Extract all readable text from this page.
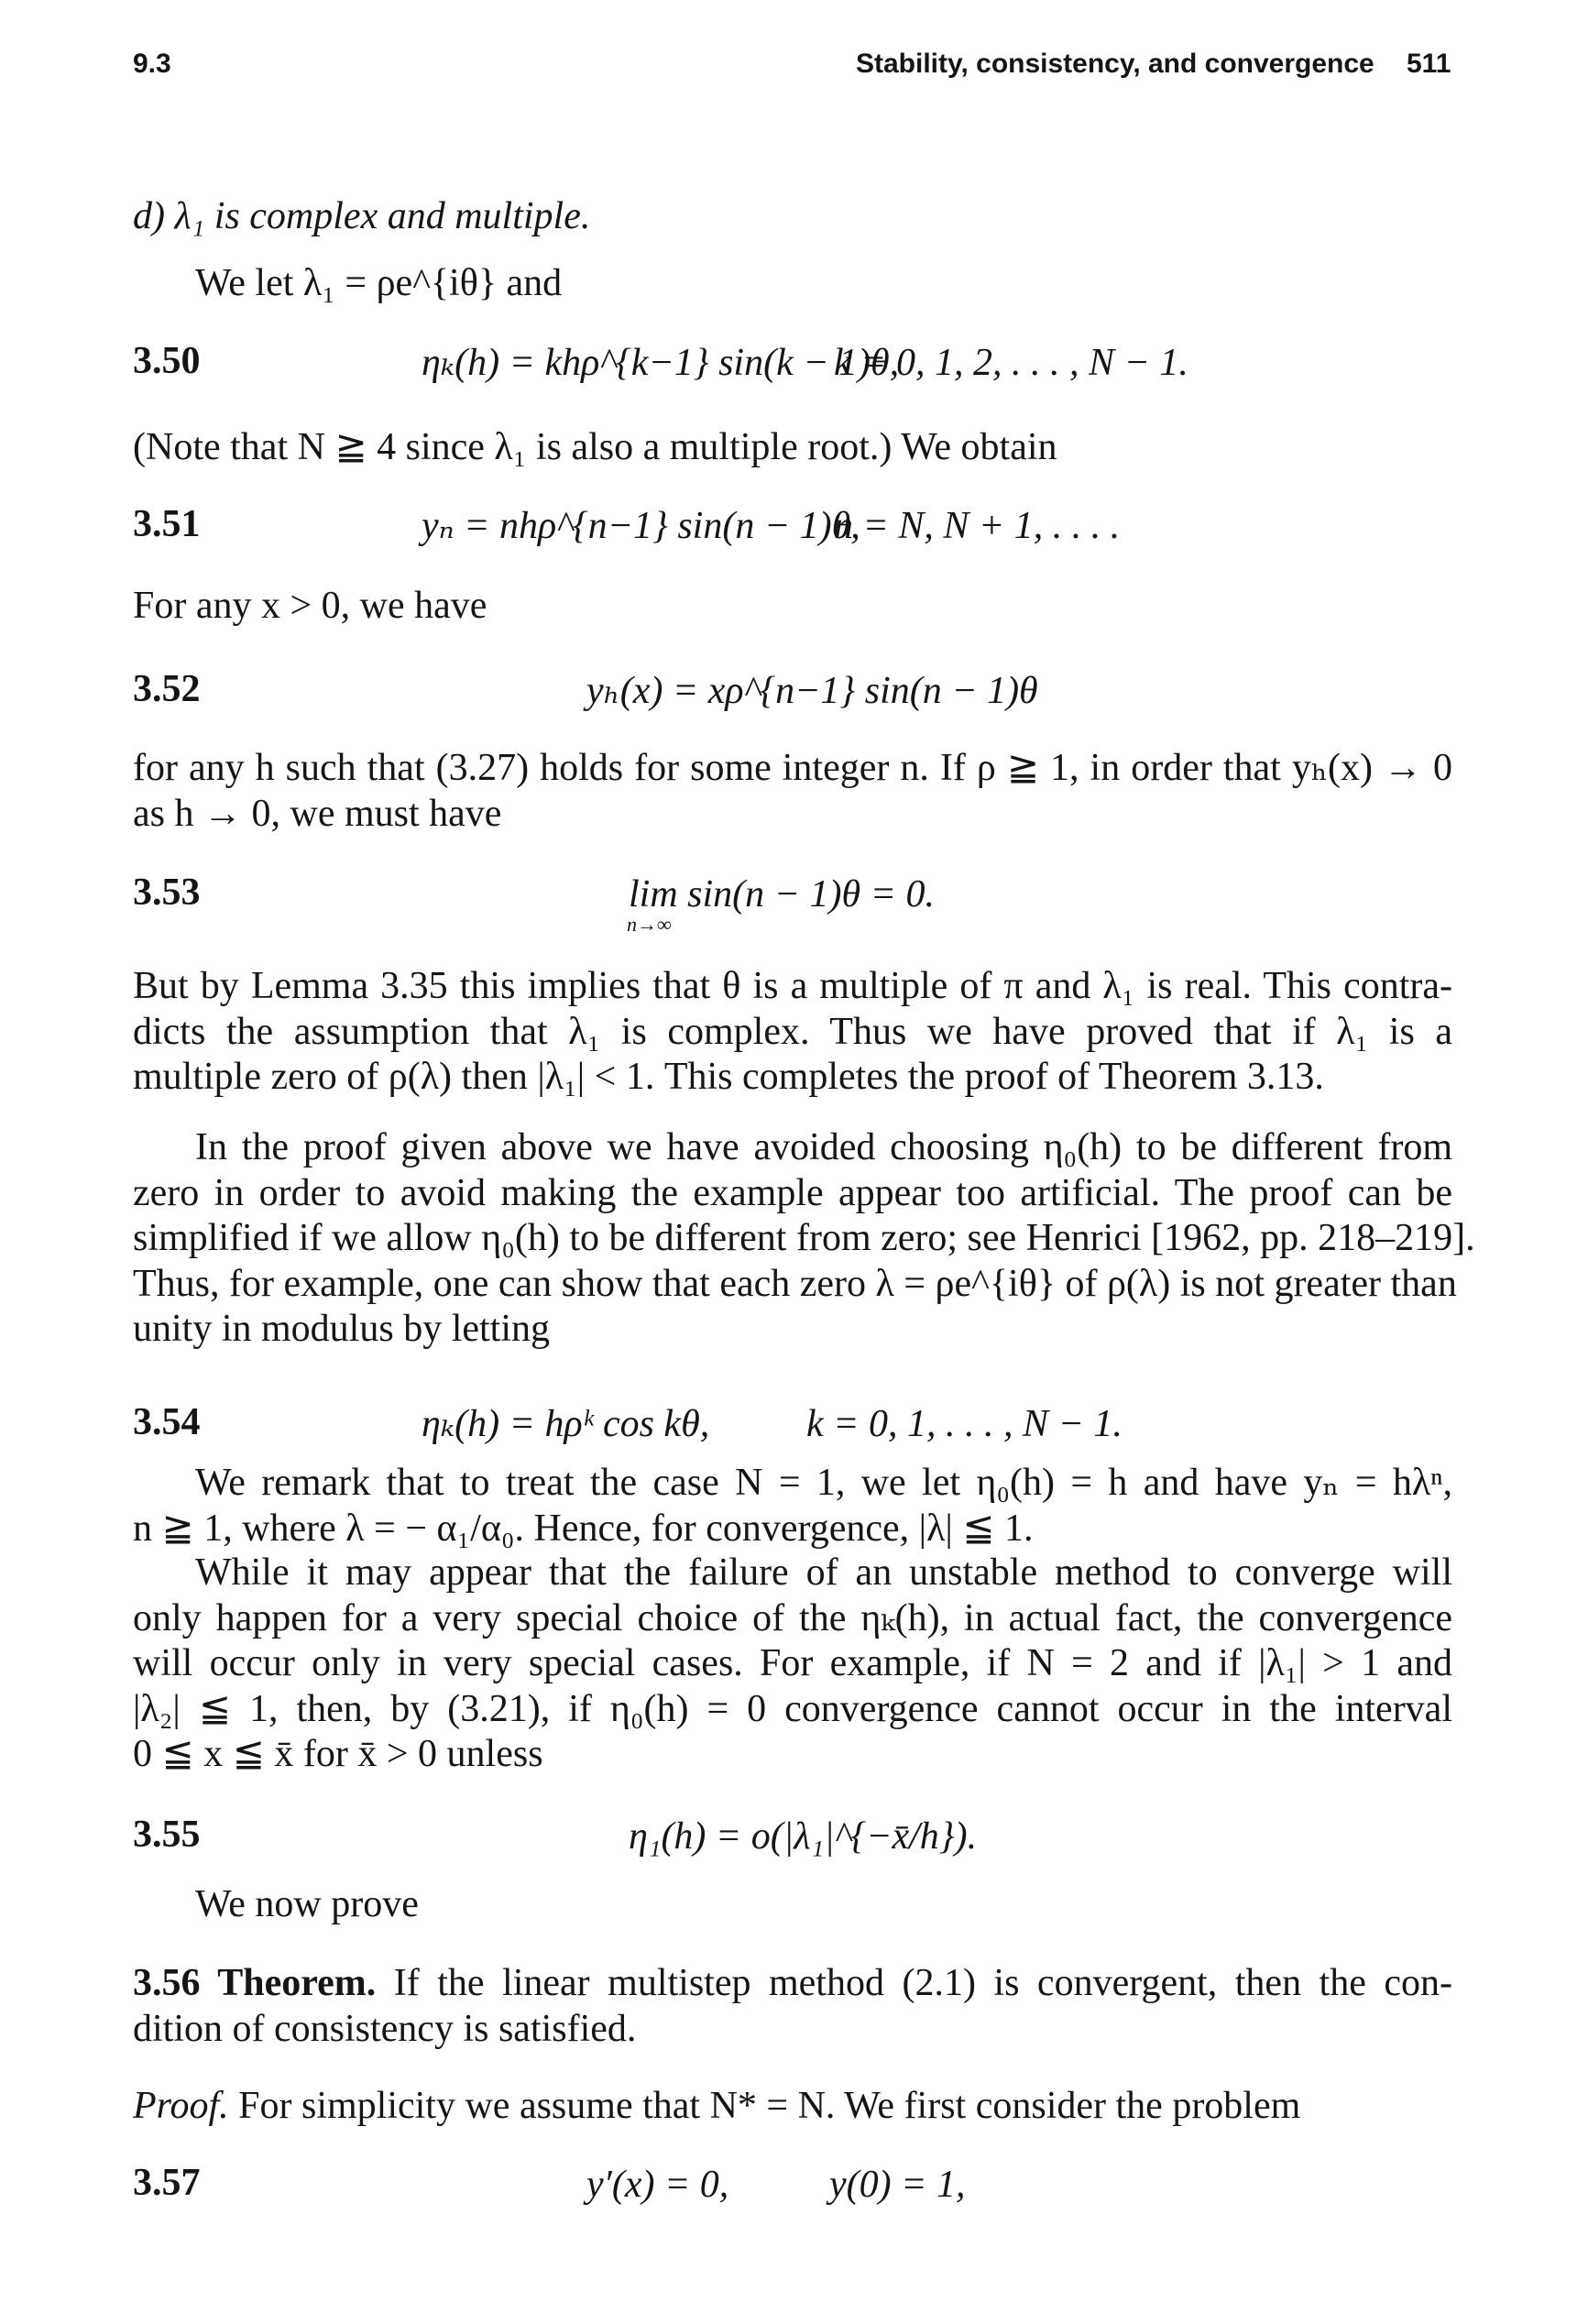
9.3	Stability, consistency, and convergence 511
d) λ₁ is complex and multiple.
We let λ₁ = ρe^{iθ} and
3.50	ηₖ(h) = khρ^{k−1} sin(k − 1)θ,
k = 0, 1, 2, . . . , N − 1.
(Note that N ≧ 4 since λ₁ is also a multiple root.) We obtain
3.51	yₙ = nhρ^{n−1} sin(n − 1)θ,
n = N, N + 1, . . . .
For any x > 0, we have
3.52	yₕ(x) = xρ^{n−1} sin(n − 1)θ
for any h such that (3.27) holds for some integer n. If ρ ≧ 1, in order that yₕ(x) → 0
as h → 0, we must have
3.53	lim sin(n − 1)θ = 0.
n→∞
But by Lemma 3.35 this implies that θ is a multiple of π and λ₁ is real. This contra-
dicts the assumption that λ₁ is complex. Thus we have proved that if λ₁ is a
multiple zero of ρ(λ) then |λ₁| < 1. This completes the proof of Theorem 3.13.
In the proof given above we have avoided choosing η₀(h) to be different from
zero in order to avoid making the example appear too artificial. The proof can be
simplified if we allow η₀(h) to be different from zero; see Henrici [1962, pp. 218–219].
Thus, for example, one can show that each zero λ = ρe^{iθ} of ρ(λ) is not greater than
unity in modulus by letting
3.54	ηₖ(h) = hρᵏ cos kθ,	k = 0, 1, . . . , N − 1.
We remark that to treat the case N = 1, we let η₀(h) = h and have yₙ = hλⁿ,
n ≧ 1, where λ = − α₁/α₀. Hence, for convergence, |λ| ≦ 1.
While it may appear that the failure of an unstable method to converge will
only happen for a very special choice of the ηₖ(h), in actual fact, the convergence
will occur only in very special cases. For example, if N = 2 and if |λ₁| > 1 and
|λ₂| ≦ 1, then, by (3.21), if η₀(h) = 0 convergence cannot occur in the interval
0 ≦ x ≦ x̄ for x̄ > 0 unless
3.55	η₁(h) = o(|λ₁|^{−x̄/h}).
We now prove
3.56 Theorem. If the linear multistep method (2.1) is convergent, then the con-
dition of consistency is satisfied.
Proof. For simplicity we assume that N* = N. We first consider the problem
3.57	y′(x) = 0,	y(0) = 1,
